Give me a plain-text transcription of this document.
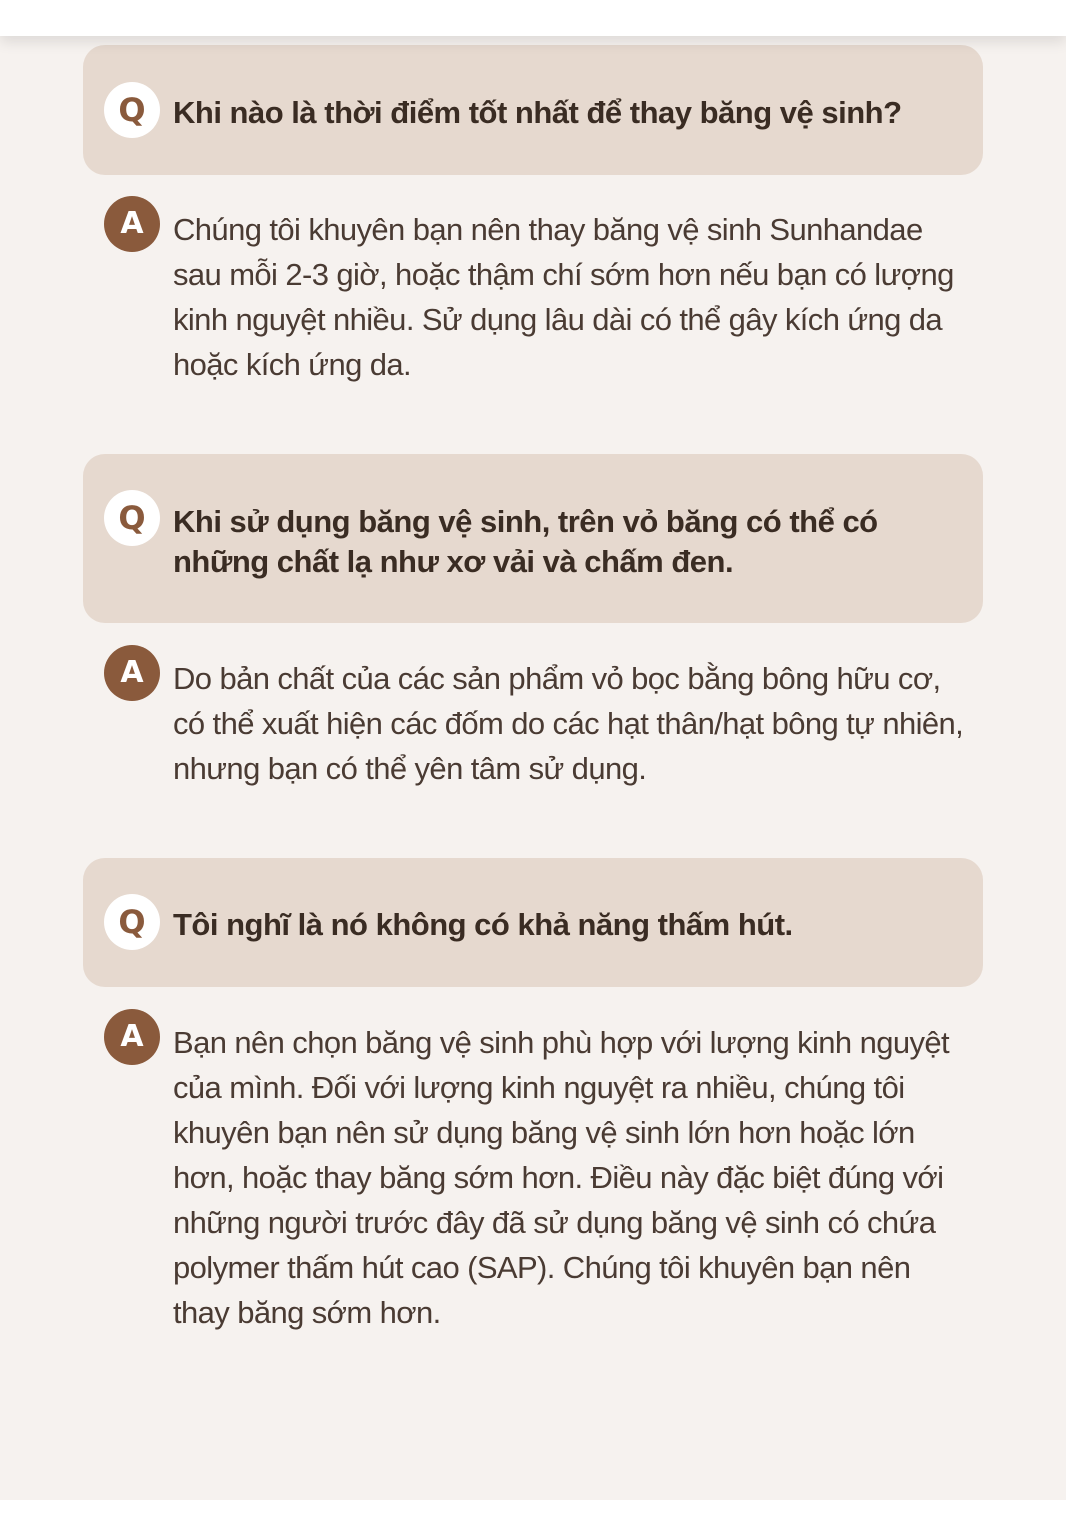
Q Khi nào là thời điểm tốt nhất để thay băng vệ sinh?
A Chúng tôi khuyên bạn nên thay băng vệ sinh Sunhandae sau mỗi 2-3 giờ, hoặc thậm chí sớm hơn nếu bạn có lượng kinh nguyệt nhiều. Sử dụng lâu dài có thể gây kích ứng da hoặc kích ứng da.
Q Khi sử dụng băng vệ sinh, trên vỏ băng có thể có những chất lạ như xơ vải và chấm đen.
A Do bản chất của các sản phẩm vỏ bọc bằng bông hữu cơ, có thể xuất hiện các đốm do các hạt thân/hạt bông tự nhiên, nhưng bạn có thể yên tâm sử dụng.
Q Tôi nghĩ là nó không có khả năng thấm hút.
A Bạn nên chọn băng vệ sinh phù hợp với lượng kinh nguyệt của mình. Đối với lượng kinh nguyệt ra nhiều, chúng tôi khuyên bạn nên sử dụng băng vệ sinh lớn hơn hoặc lớn hơn, hoặc thay băng sớm hơn. Điều này đặc biệt đúng với những người trước đây đã sử dụng băng vệ sinh có chứa polymer thấm hút cao (SAP). Chúng tôi khuyên bạn nên thay băng sớm hơn.
